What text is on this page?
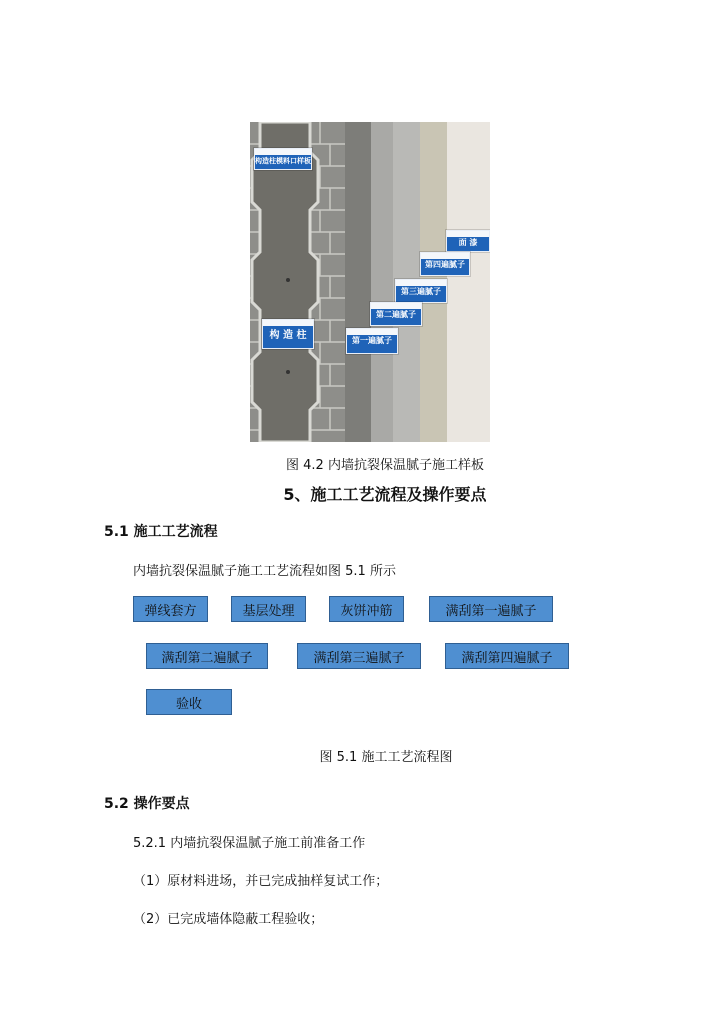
构造柱模料口样板
构 造 柱
面 漆
第四遍腻子
第三遍腻子
第二遍腻子
第一遍腻子
图 4.2 内墙抗裂保温腻子施工样板
5、施工工艺流程及操作要点
5.1 施工工艺流程
内墙抗裂保温腻子施工工艺流程如图 5.1 所示
弹线套方	基层处理	灰饼冲筋	满刮第一遍腻子
满刮第二遍腻子	满刮第三遍腻子	满刮第四遍腻子
验收
图 5.1 施工工艺流程图
5.2 操作要点
5.2.1 内墙抗裂保温腻子施工前准备工作
（1）原材料进场，并已完成抽样复试工作；
（2）已完成墙体隐蔽工程验收；
